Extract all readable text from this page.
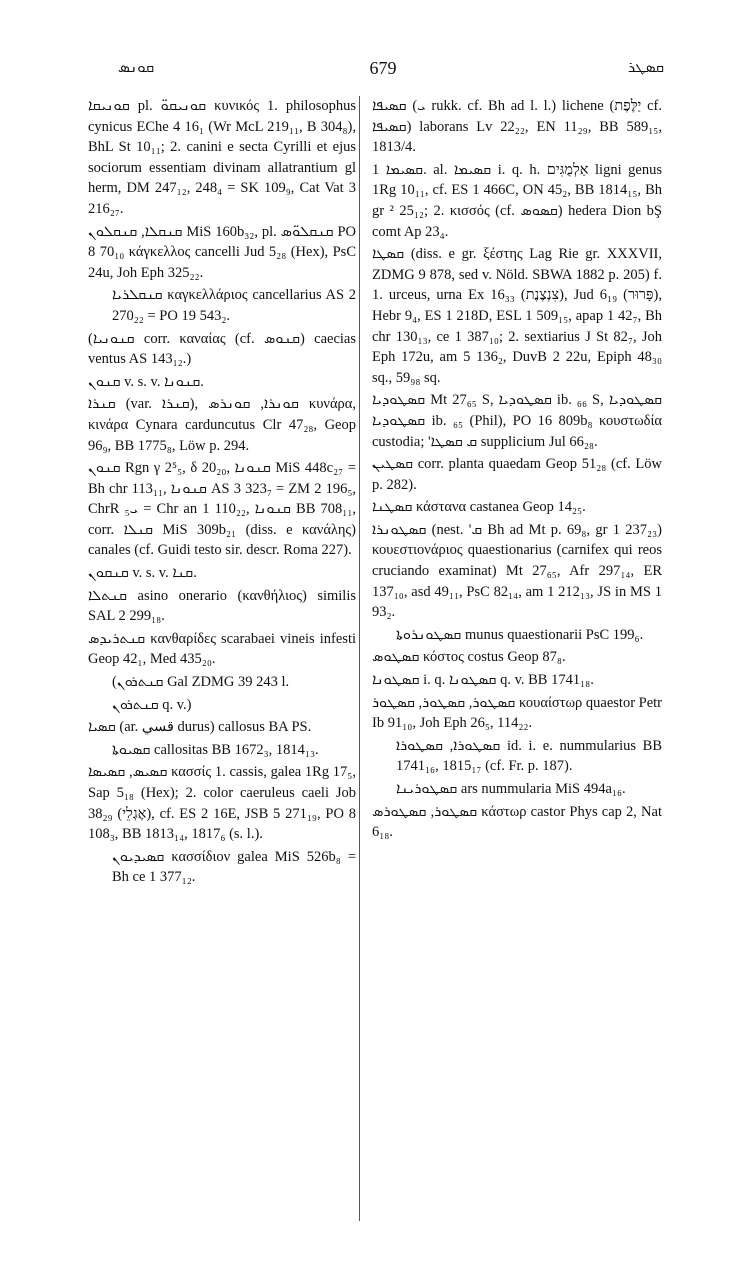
ܩܘܢܣ	679	ܩܣܛܪ

ܩܘܢܝܩܐ pl. ܩܘܢܝܩܘ̈ κυνικός 1. philosophus cynicus EChe 4 16₁ (Wr McL 219₁₁, B 304₈), BhL St 10₁₁; 2. canini e secta Cyrilli et ejus sociorum essentiam divinam allatrantium gl herm, DM 247₁₂, 248₄ = SK 109₉, Cat Vat 3 216₂₇.

ܩܢܩܠܐ, ܩܢܩܠܘܢ MiS 160b₃₂, pl. ܩܢܩܠܘ̈ܣ PO 8 70₁₀ κάγκελλος cancelli Jud 5₂₈ (Hex), PsC 24u, Joh Eph 325₂₂.

ܩܢܩܠܪܝܐ καγκελλάριος cancellarius AS 2 270₂₂ = PO 19 543₂.

(ܩܢܘܢܝܐ corr. καναίας (cf. ܩܢܘܣ) caecias ventus AS 143₁₂.)

ܩܢܘܢ v. s. v. ܩܢܘܢܐ.

ܩܢܪܐ (var. ܩܢܪܐ), ܩܘܢܪܐ, ܩܘܢܪܣ κυνάρα, κινάρα Cynara carduncutus Clr 47₂₈, Geop 96₉, BB 1775₈, Löw p. 294.

ܩܢܘܢ Rgn γ 2⁵₅, δ 20₂₀, ܩܢܘܢܐ MiS 448c₂₇ = Bh chr 113₁₁, ܩܢܘܢܐ AS 3 323₇ = ZM 2 196₅, ChrR ܝ₅ = Chr an 1 110₂₂, ܩܢܘܢܐ BB 708₁₁, corr. ܩܢܠܐ MiS 309b₂₁ (diss. e κανάλης) canales (cf. Guidi testo sir. descr. Roma 227).

ܩܢܩܘܢ v. s. v. ܩܢܐ.

ܩܢܬܠܐ asino onerario (κανθήλιος) similis SAL 2 299₁₈.

ܩܢܬܪܝܕܣ κανθαρίδες scarabaei vineis infesti Geop 42₁, Med 435₂₀.

(ܩܢܬܪܘܢ Gal ZDMG 39 243 l.

ܩܢܬܪܘܢ q. v.)

ܩܣܝܐ (ar. قسي durus) callosus BA PS.

ܩܣܝܘܬܐ callositas BB 1672₃, 1814₁₃.

ܩܣܝܣ, ܩܣܝܣܐ κασσίς 1. cassis, galea 1Rg 17₅, Sap 5₁₈ (Hex); 2. color caeruleus caeli Job 38₂₉ (אֶגְלֵי), cf. ES 2 16E, JSB 5 271₁₉, PO 8 108₃, BB 1813₁₄, 1817₆ (s. l.).

ܩܣܝܕܝܘܢ κασσίδιον galea MiS 526b₈ = Bh ce 1 377₁₂.

ܩܣܝܦܐ (ܝ rukk. cf. Bh ad l. l.) lichene (יַלֶּפֶת cf. ܩܣܝܦܐ) laborans Lv 22₂₂, EN 11₂₉, BB 589₁₅, 1813/4.

ܩܣܝܡܐ 1. al. ܩܣܝܡܐ i. q. h. אַלְמֻגִּים ligni genus 1Rg 10₁₁, cf. ES 1 466C, ON 45₂, BB 1814₁₅, Bh gr ² 25₁₂; 2. κισσός (cf. ܩܣܘܣ) hedera Dion bŞ comt Ap 23₄.

ܩܣܛܐ (diss. e gr. ξέστης Lag Rie gr. XXXVII, ZDMG 9 878, sed v. Nöld. SBWA 1882 p. 205) f. 1. urceus, urna Ex 16₃₃ (צִנְצֶנֶת), Jud 6₁₉ (פָּרוּר), Hebr 9₄, ES 1 218D, ESL 1 509₁₅, apap 1 42₇, Bh chr 130₁₃, ce 1 387₁₀; 2. sextiarius J St 82₇, Joh Eph 172u, am 5 136₂, DuvB 2 22u, Epiph 48₃₀ sq., 59₉₈ sq.

ܩܣܛܘܕܝܐ Mt 27₆₅ S, ܩܣܛܘܕܝܐ ib. ₆₆ S, ܩܣܛܘܕܝܐ ܩܣܛܘܕܝܐ ib. ₆₅ (Phil), PO 16 809b₈ κουστωδία custodia; 'ܩ ܩܣܛܐ supplicium Jul 66₂₈.

ܩܣܛܝܢ corr. planta quaedam Geop 51₂₈ (cf. Löw p. 282).

ܩܣܛܢܐ κάστανα castanea Geop 14₂₅.

ܩܣܛܘܢܪܐ (nest. 'ܩ Bh ad Mt p. 69₈, gr 1 237₂₃) κουεστιονάριος quaestionarius (carnifex qui reos cruciando examinat) Mt 27₆₅, Afr 297₁₄, ER 137₁₀, asd 49₁₁, PsC 82₁₄, am 1 212₁₃, JS in MS 1 93₂.

ܩܣܛܘܢܪܘܬܐ munus quaestionarii PsC 199₆.

ܩܣܛܘܣ κόστος costus Geop 87₈.

ܩܣܛܘܢܐ i. q. ܩܣܛܘܢܐ q. v. BB 1741₁₈.

ܩܣܛܘܪ, ܩܣܛܘܪ, ܩܣܛܘܪ κουαίστωρ quaestor Petr Ib 91₁₀, Joh Eph 26₅, 114₂₂.

ܩܣܛܘܪܐ, ܩܣܛܘܪܐ id. i. e. nummularius BB 1741₁₆, 1815₁₇ (cf. Fr. p. 187).

ܩܣܛܘܪܝܢܐ ars nummularia MiS 494a₁₆.

ܩܣܛܘܪ, ܩܣܛܘܪܣ κάστωρ castor Phys cap 2, Nat 6₁₈.
